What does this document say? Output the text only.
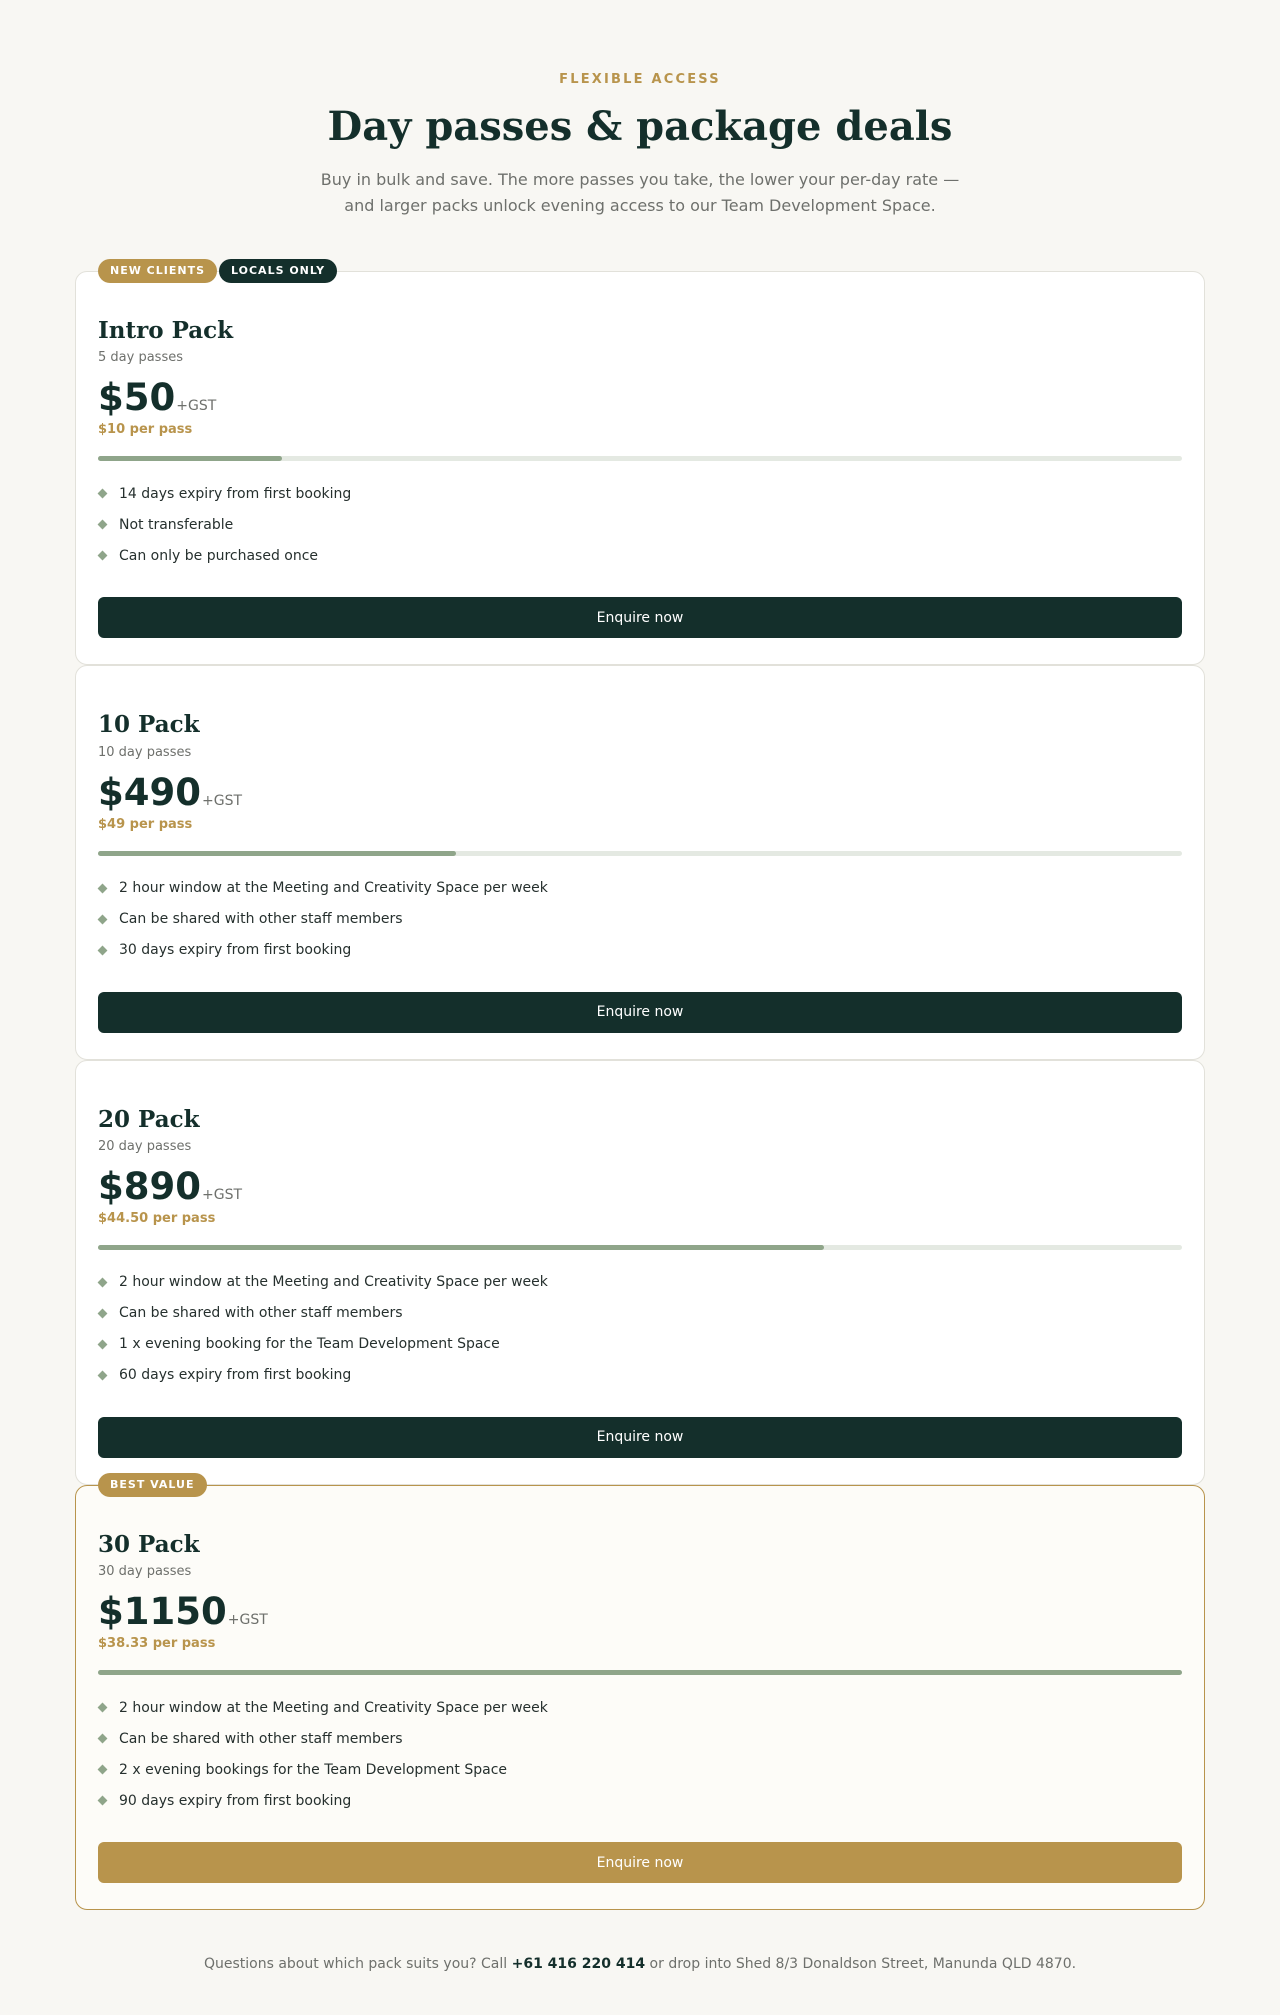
FLEXIBLE ACCESS
Day passes & package deals
Buy in bulk and save. The more passes you take, the lower your per-day rate — and larger packs unlock evening access to our Team Development Space.
NEW CLIENTS	LOCALS ONLY
Intro Pack
5 day passes
$50 +GST
$10 per pass
14 days expiry from first booking
Not transferable
Can only be purchased once
Enquire now
10 Pack
10 day passes
$490 +GST
$49 per pass
2 hour window at the Meeting and Creativity Space per week
Can be shared with other staff members
30 days expiry from first booking
Enquire now
20 Pack
20 day passes
$890 +GST
$44.50 per pass
2 hour window at the Meeting and Creativity Space per week
Can be shared with other staff members
1 x evening booking for the Team Development Space
60 days expiry from first booking
Enquire now
BEST VALUE
30 Pack
30 day passes
$1150 +GST
$38.33 per pass
2 hour window at the Meeting and Creativity Space per week
Can be shared with other staff members
2 x evening bookings for the Team Development Space
90 days expiry from first booking
Enquire now
Questions about which pack suits you? Call +61 416 220 414 or drop into Shed 8/3 Donaldson Street, Manunda QLD 4870.
